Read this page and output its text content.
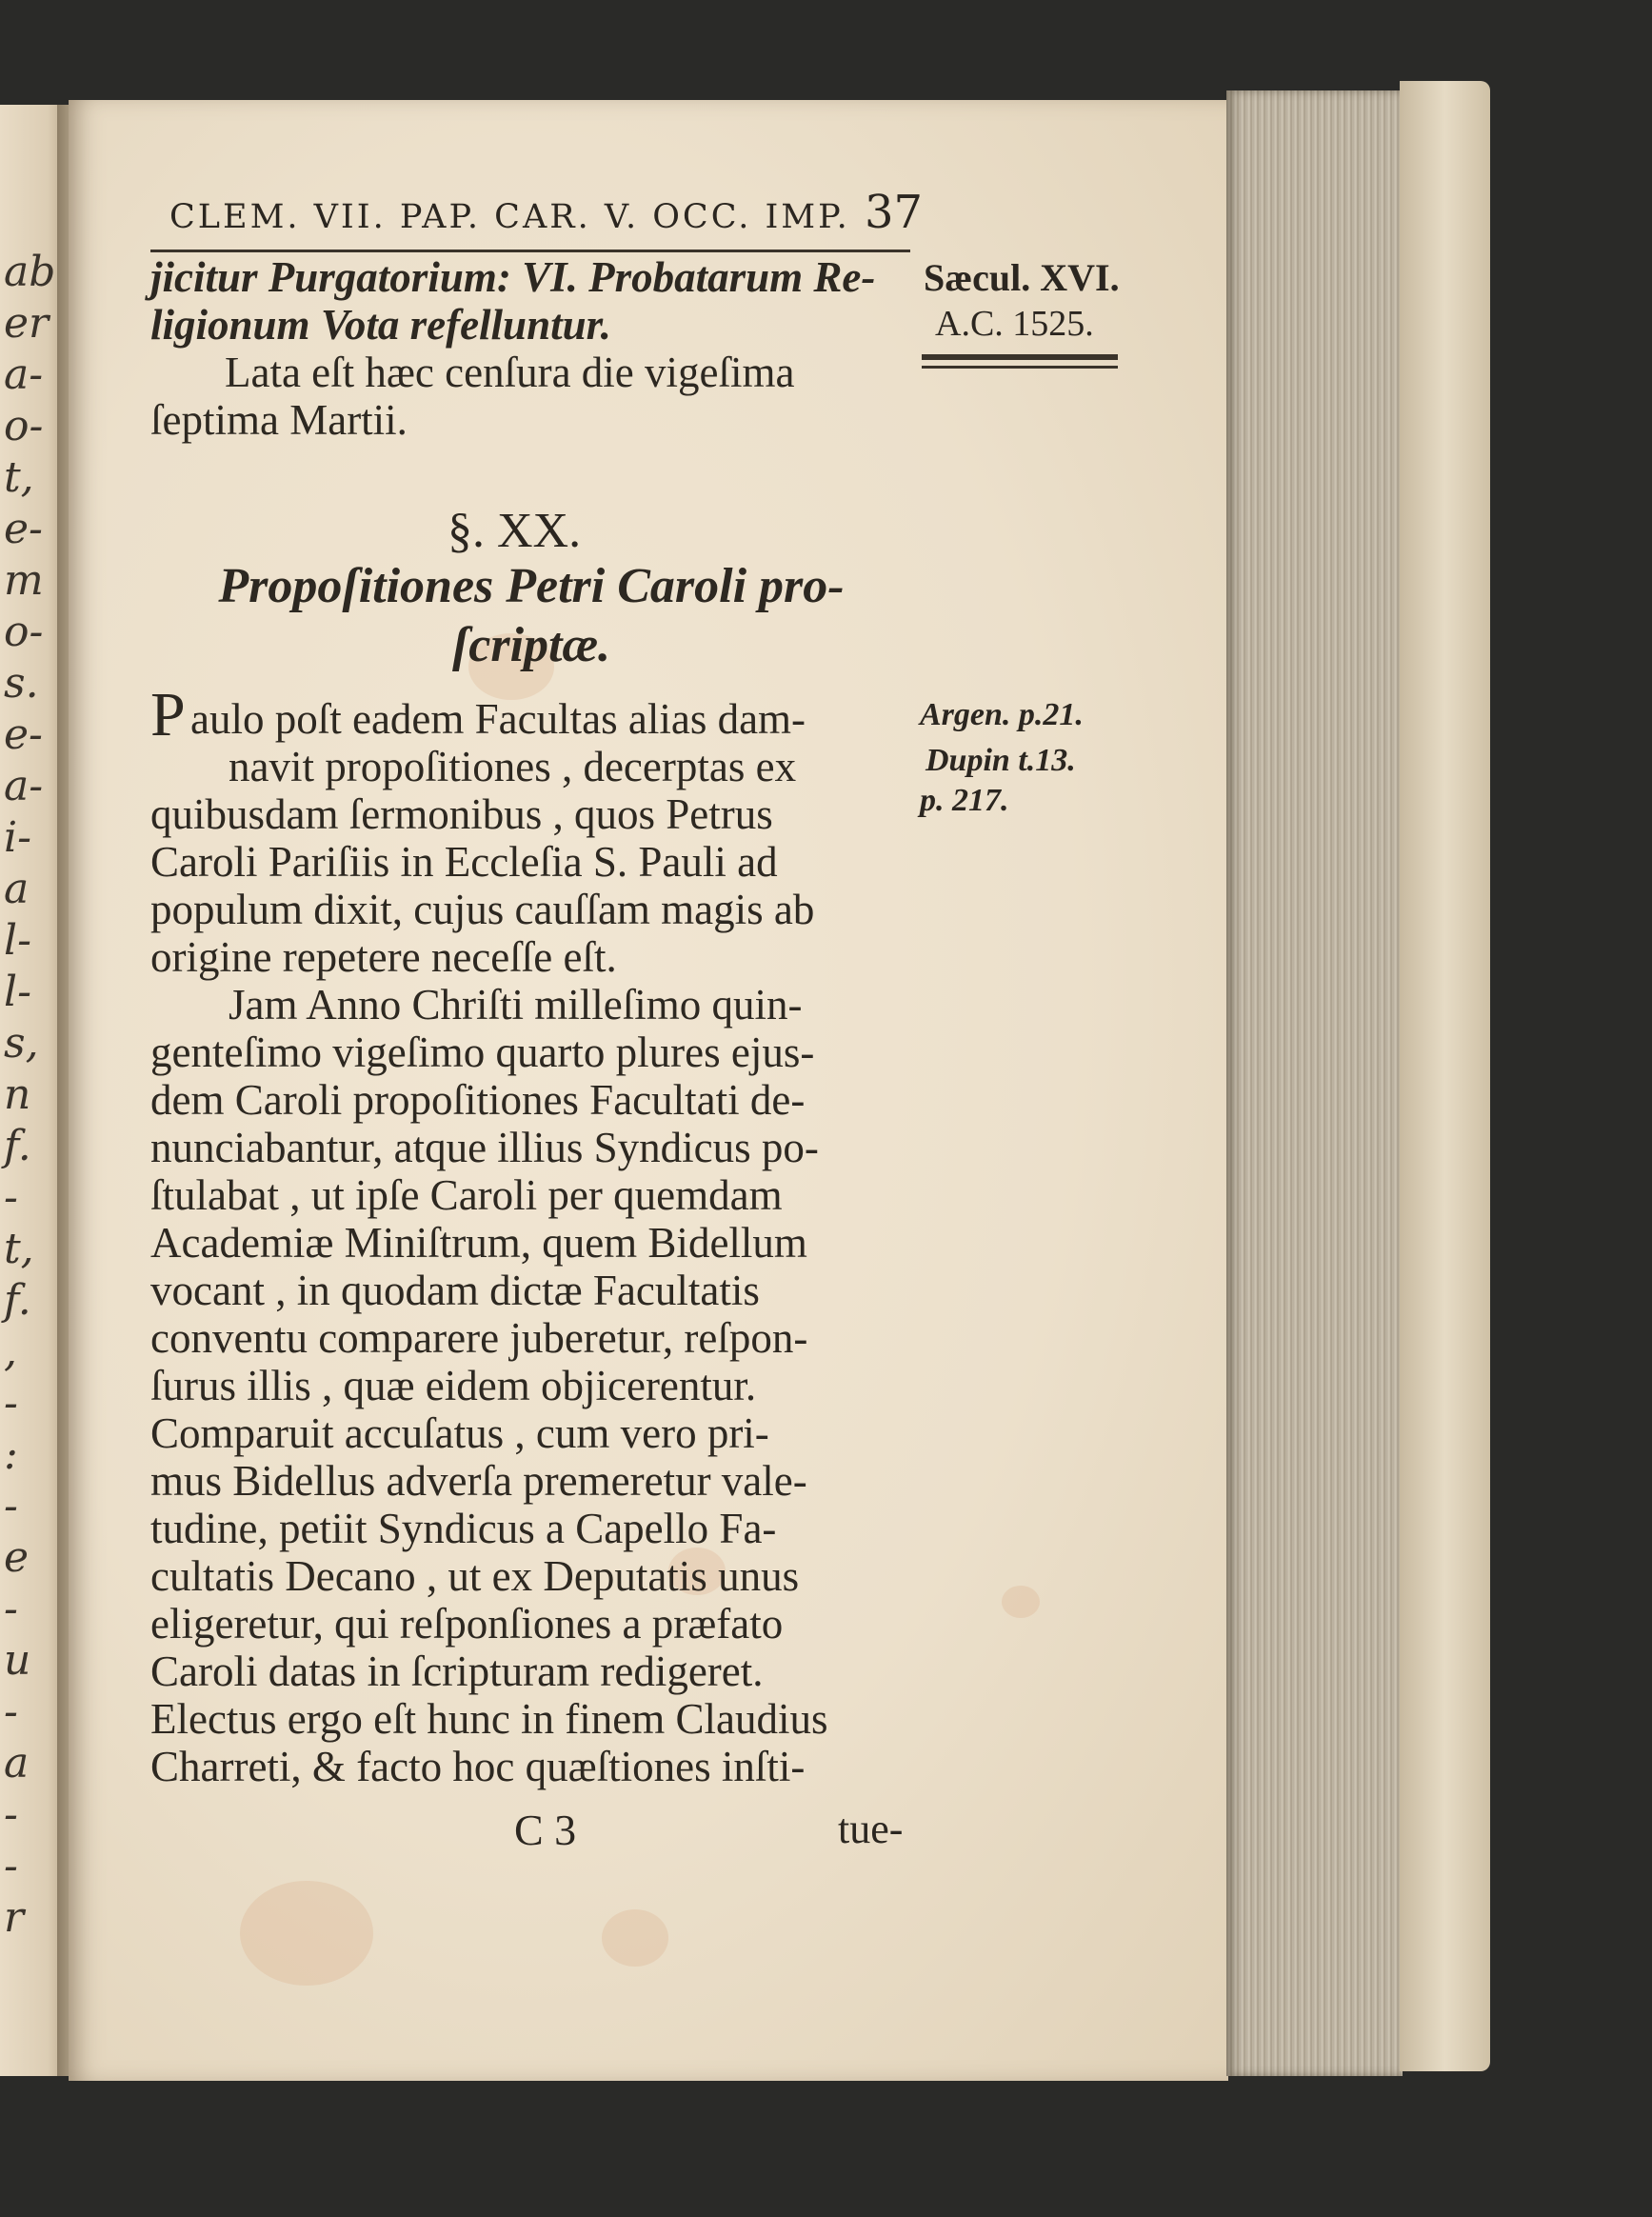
ab
er
a-
o-
t,
e-
m
o-
s.
e-
a-
i-
a
l-
l-
s,
n
f.
-
t,
f.
,
-
:
-
e
-
u
-
a
-
-
r
CLEM. VII. PAP. CAR. V. OCC. IMP. 37
jicitur Purgatorium: VI. Probatarum Re-
ligionum Vota refelluntur.
Lata eſt hæc cenſura die vigeſima
ſeptima Martii.
§. XX.
Propoſitiones Petri Caroli pro-
ſcriptæ.
P aulo poſt eadem Facultas alias dam-
navit propoſitiones , decerptas ex
quibusdam ſermonibus , quos Petrus
Caroli Pariſiis in Eccleſia S. Pauli ad
populum dixit, cujus cauſſam magis ab
origine repetere neceſſe eſt.
Jam Anno Chriſti milleſimo quin-
genteſimo vigeſimo quarto plures ejus-
dem Caroli propoſitiones Facultati de-
nunciabantur, atque illius Syndicus po-
ſtulabat , ut ipſe Caroli per quemdam
Academiæ Miniſtrum, quem Bidellum
vocant , in quodam dictæ Facultatis
conventu comparere juberetur, reſpon-
ſurus illis , quæ eidem objicerentur.
Comparuit accuſatus , cum vero pri-
mus Bidellus adverſa premeretur vale-
tudine, petiit Syndicus a Capello Fa-
cultatis Decano , ut ex Deputatis unus
eligeretur, qui reſponſiones a præfato
Caroli datas in ſcripturam redigeret.
Electus ergo eſt hunc in finem Claudius
Charreti, & facto hoc quæſtiones inſti-
C 3	tue-
Sæcul. XVI.
A.C. 1525.
Argen. p.21.
Dupin t.13.
p. 217.
